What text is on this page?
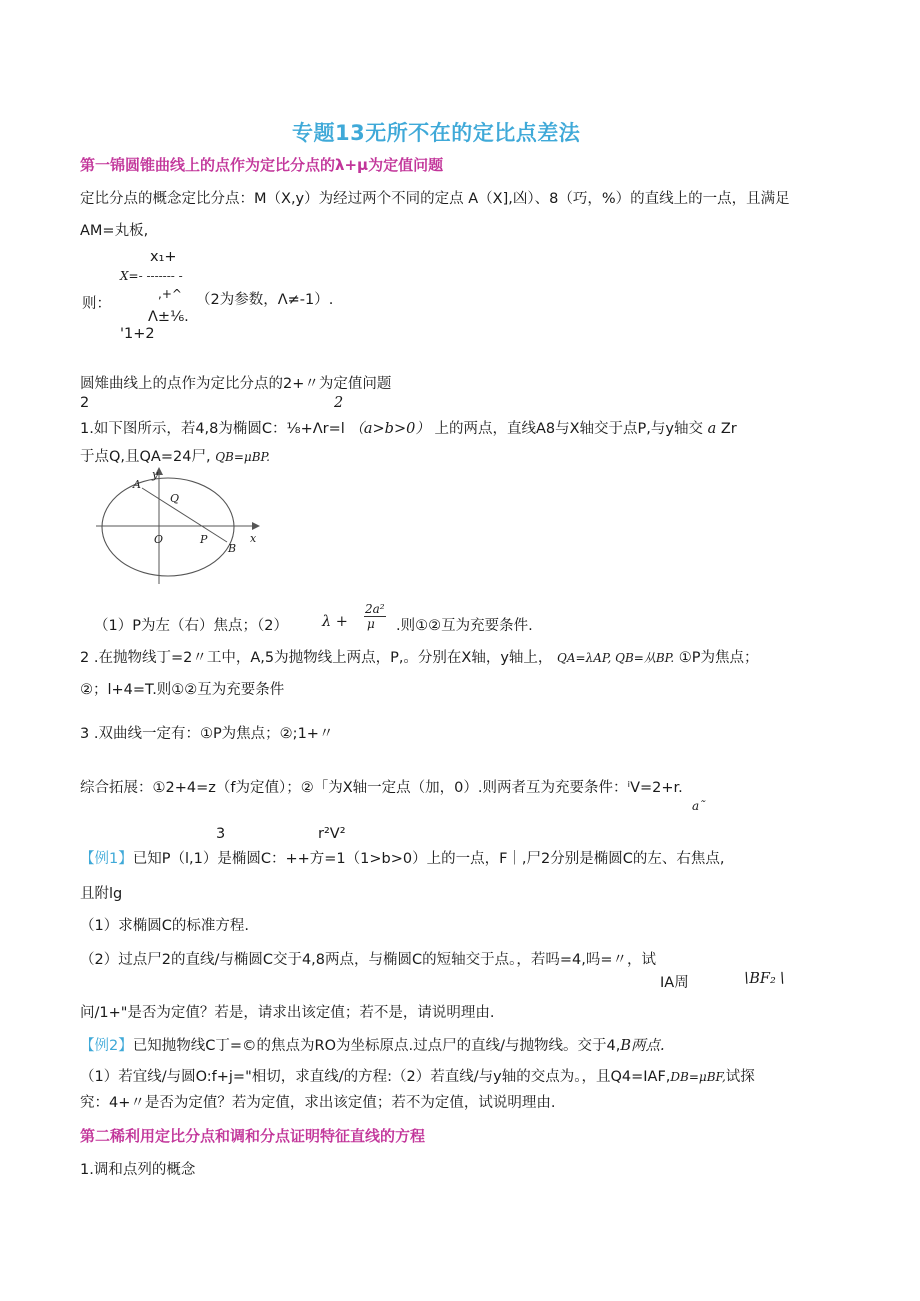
专题13无所不在的定比点差法
第一锦圆锥曲线上的点作为定比分点的λ+μ为定值问题
定比分点的概念定比分点：M（X,y）为经过两个不同的定点 A（X],凶）、8（巧，%）的直线上的一点，且满足
AM=丸板,
x₁+
X=- ------- -
则：
,+^ （2为参数，Λ≠-1）.
Λ±⅙.
'1+2
圆雉曲线上的点作为定比分点的2+〃为定值问题
2	2
1.如下图所示，若4,8为椭圆C：⅛+Λr=l （a>b>0） 上的两点，直线A8与X轴交于点P,与y轴交 a Zr
于点Q,且QA=24尸, QB=μBP.
A
Q
O	P
B
x
y
（1）P为左（右）焦点；（2） λ +
2a²
μ .则①②互为充要条件.
2 .在抛物线丁=2〃工中，A,5为抛物线上两点，P,。分别在X轴，y轴上， QA=λAP, QB=从BP. ①P为焦点；
②；l+4=T.则①②互为充要条件
3 .双曲线一定有：①P为焦点；②;1+〃
综合拓展：①2+4=z（f为定值）；②「为X轴一定点（加，0）.则两者互为充要条件：ⁱV=2+r.
a˜
3	r²V²
【例1】已知P（l,1）是椭圆C：++方=1（1>b>0）上的一点，F｜,尸2分别是椭圆C的左、右焦点,
且附lg
（1）求椭圆C的标准方程.
（2）过点尸2的直线/与椭圆C交于4,8两点，与椭圆C的短轴交于点。，若吗=4,吗=〃，试
IA周	∖BF₂∖
问/1+"是否为定值？若是，请求出该定值；若不是，请说明理由.
【例2】已知抛物线C丁=©的焦点为RO为坐标原点.过点尸的直线/与抛物线。交于4,B两点.
（1）若宜线/与圆O:f+j="相切，求直线/的方程:（2）若直线/与y轴的交点为。，且Q4=IAF,DB=μBF,试探
究：4+〃是否为定值？若为定值，求出该定值；若不为定值，试说明理由.
第二稀利用定比分点和调和分点证明特征直线的方程
1.调和点列的概念
